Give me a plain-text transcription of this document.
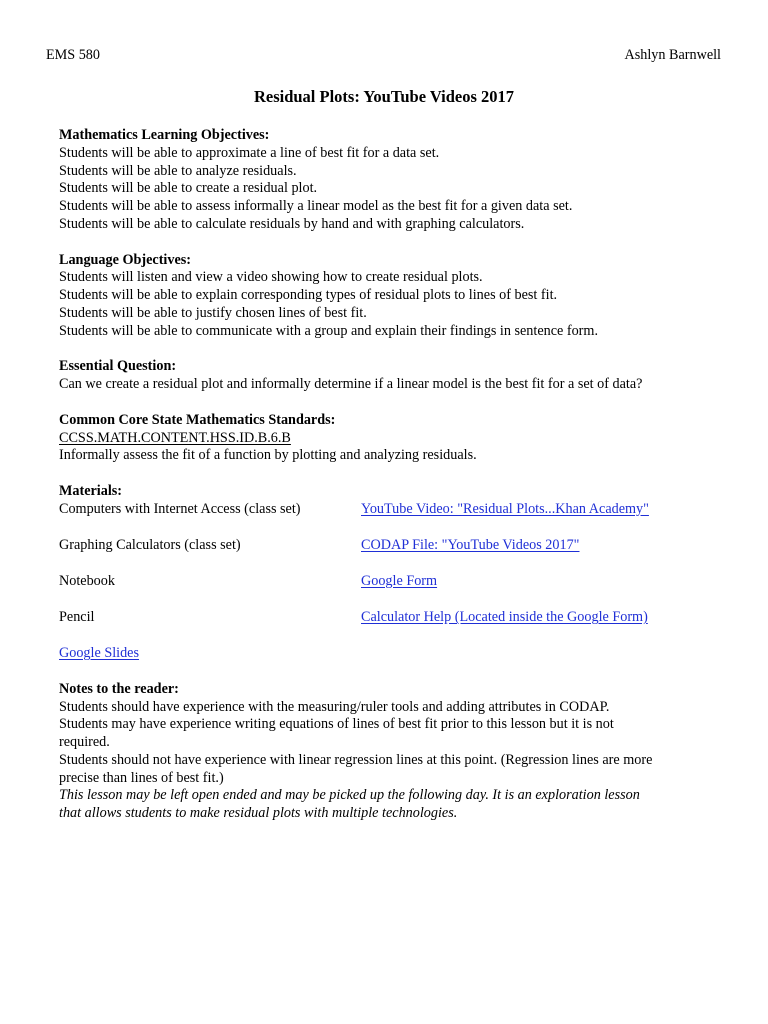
EMS 580	Ashlyn Barnwell
Residual Plots: YouTube Videos 2017
Mathematics Learning Objectives:
Students will be able to approximate a line of best fit for a data set.
Students will be able to analyze residuals.
Students will be able to create a residual plot.
Students will be able to assess informally a linear model as the best fit for a given data set.
Students will be able to calculate residuals by hand and with graphing calculators.
Language Objectives:
Students will listen and view a video showing how to create residual plots.
Students will be able to explain corresponding types of residual plots to lines of best fit.
Students will be able to justify chosen lines of best fit.
Students will be able to communicate with a group and explain their findings in sentence form.
Essential Question:
Can we create a residual plot and informally determine if a linear model is the best fit for a set of data?
Common Core State Mathematics Standards:
CCSS.MATH.CONTENT.HSS.ID.B.6.B
Informally assess the fit of a function by plotting and analyzing residuals.
Materials:
Computers with Internet Access (class set)	YouTube Video: "Residual Plots...Khan Academy"
Graphing Calculators (class set)	CODAP File: "YouTube Videos 2017"
Notebook	Google Form
Pencil	Calculator Help (Located inside the Google Form)
Google Slides
Notes to the reader:
Students should have experience with the measuring/ruler tools and adding attributes in CODAP.
Students may have experience writing equations of lines of best fit prior to this lesson but it is not
required.
Students should not have experience with linear regression lines at this point. (Regression lines are more
precise than lines of best fit.)
This lesson may be left open ended and may be picked up the following day. It is an exploration lesson
that allows students to make residual plots with multiple technologies.
